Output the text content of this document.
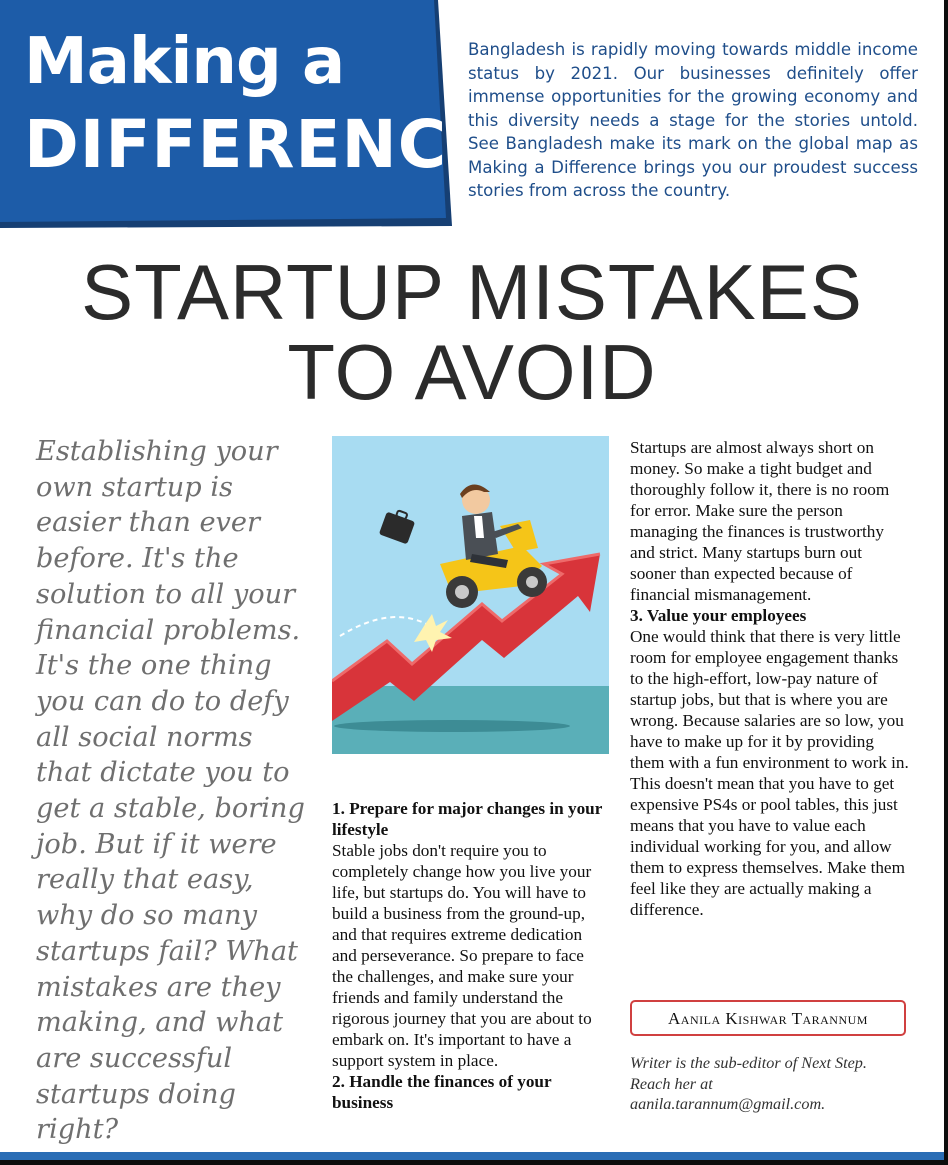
Making a
DIFFERENCE
Bangladesh is rapidly moving towards middle income status by 2021. Our businesses definitely offer immense opportunities for the growing economy and this diversity needs a stage for the stories untold. See Bangladesh make its mark on the global map as Making a Difference brings you our proudest success stories from across the country.
STARTUP MISTAKES
TO AVOID
Establishing your own startup is easier than ever before. It's the solution to all your financial problems. It's the one thing you can do to defy all social norms that dictate you to get a stable, boring job. But if it were really that easy, why do so many startups fail? What mistakes are they making, and what are successful startups doing right?

1. Prepare for major changes in your lifestyle

Stable jobs don't require you to completely change how you live your life, but startups do. You will have to build a business from the ground-up, and that requires extreme dedication and perseverance. So prepare to face the challenges, and make sure your friends and family understand the rigorous journey that you are about to embark on. It's important to have a support system in place.

2. Handle the finances of your business

Startups are almost always short on money. So make a tight budget and thoroughly follow it, there is no room for error. Make sure the person managing the finances is trustworthy and strict. Many startups burn out sooner than expected because of financial mismanagement.

3. Value your employees

One would think that there is very little room for employee engagement thanks to the high-effort, low-pay nature of startup jobs, but that is where you are wrong. Because salaries are so low, you have to make up for it by providing them with a fun environment to work in. This doesn't mean that you have to get expensive PS4s or pool tables, this just means that you have to value each individual working for you, and allow them to express themselves. Make them feel like they are actually making a difference.

Aanila Kishwar Tarannum

Writer is the sub-editor of Next Step.

Reach her at

aanila.tarannum@gmail.com.
